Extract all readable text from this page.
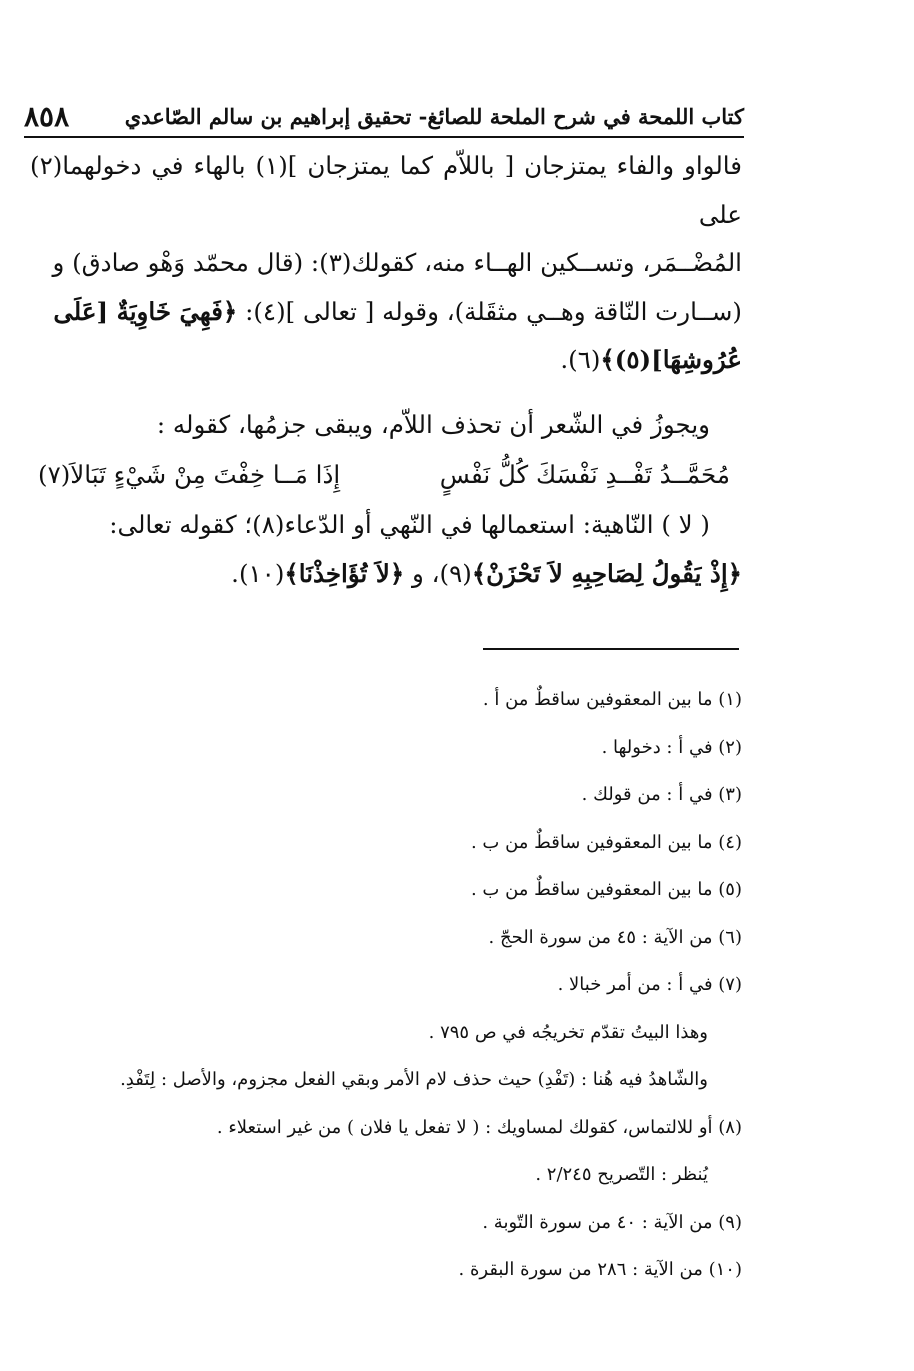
كتاب اللمحة في شرح الملحة للصائغ- تحقيق إبراهيم بن سالم الصّاعدي
٨٥٨

فالواو والفاء يمتزجان [ باللاّم كما يمتزجان ](١) بالهاء في دخولهما(٢) على

المُضْــمَر، وتســكين الهــاء منه، كقولك(٣): (قال محمّد وَهْو صادق) و

(ســارت النّاقة وهــي مثقَلة)، وقوله [ تعالى ](٤): ﴿فَهِيَ خَاوِيَةٌ [عَلَى

عُرُوشِهَا](٥)﴾(٦).

ويجوزُ في الشّعر أن تحذف اللاّم، ويبقى جزمُها، كقوله :

مُحَمَّــدُ تَفْــدِ نَفْسَكَ كُلُّ نَفْسٍ
إِذَا مَــا خِفْتَ مِنْ شَيْءٍ تَبَالاَ(٧)

( لا ) النّاهية: استعمالها في النّهي أو الدّعاء(٨)؛ كقوله تعالى:

﴿إِذْ يَقُولُ لِصَاحِبِهِ لاَ تَحْزَنْ﴾(٩)، و ﴿لاَ تُؤَاخِذْنَا﴾(١٠).

(١) ما بين المعقوفين ساقطٌ من أ .

(٢) في أ : دخولها .

(٣) في أ : من قولك .

(٤) ما بين المعقوفين ساقطٌ من ب .

(٥) ما بين المعقوفين ساقطٌ من ب .

(٦) من الآية : ٤٥ من سورة الحجّ .

(٧) في أ : من أمر خبالا .

وهذا البيتُ تقدّم تخريجُه في ص ٧٩٥ .

والشّاهدُ فيه هُنا : (تَفْدِ) حيث حذف لام الأمر وبقي الفعل مجزوم، والأصل : لِتَفْدِ.

(٨) أو للالتماس، كقولك لمساويك : ( لا تفعل يا فلان ) من غير استعلاء .

يُنظر : التّصريح ٢/٢٤٥ .

(٩) من الآية : ٤٠ من سورة التّوبة .

(١٠) من الآية : ٢٨٦ من سورة البقرة .
